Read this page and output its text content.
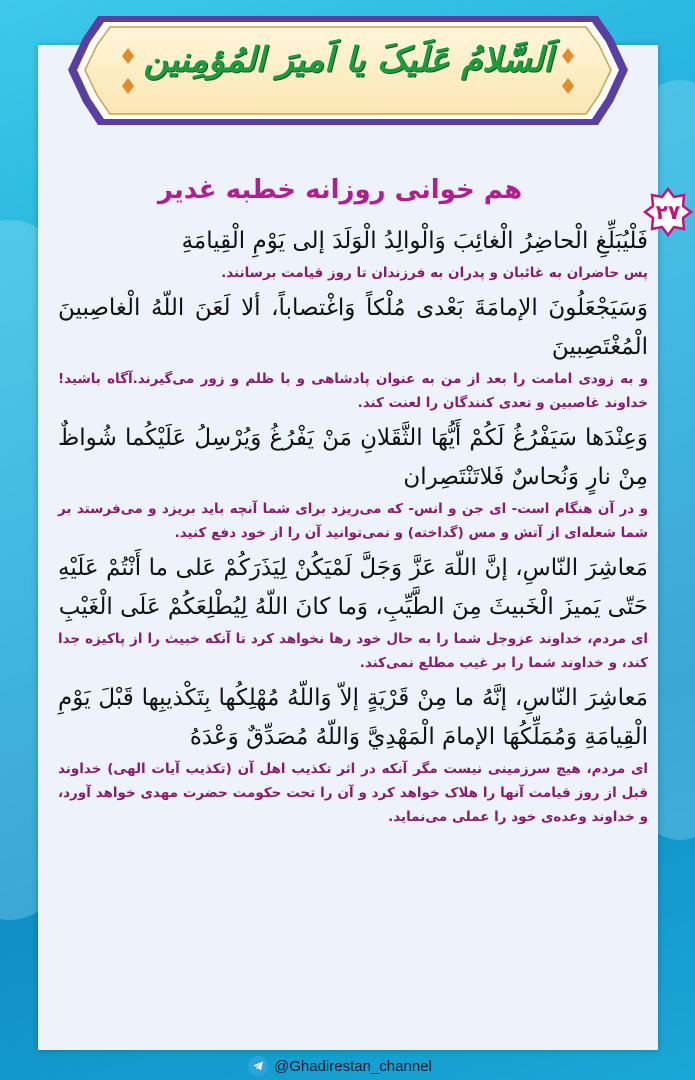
۲۷
اَلسَّلامُ عَلَیکَ یا اَمیرَ المُؤمِنین
هم خوانی روزانه خطبه غدیر

فَلْيُبَلِّغِ الْحاضِرُ الْغائِبَ وَالْوالِدُ الْوَلَدَ إلى يَوْمِ الْقِيامَةِ

پس حاضران به غائبان و پدران به فرزندان تا روز قیامت برسانند.

وَسَيَجْعَلُونَ الإمامَةَ بَعْدى مُلْكاً وَاغْتصاباً، ألا لَعَنَ اللّهُ الْغاصِبينَ الْمُغْتَصِبينَ

و به زودی امامت را بعد از من به عنوان پادشاهی و با ظلم و زور می‌گیرند.آگاه باشید! خداوند غاصبین و تعدی کنندگان را لعنت کند.

وَعِنْدَها سَيَفْرُغُ لَكُمْ أَيُّهَا الثَّقَلانِ مَنْ يَفْرُغُ وَيُرْسِلُ عَلَيْكُما شُواظٌ مِنْ نارٍ وَنُحاسٌ فَلاتَنْتَصِران

و در آن هنگام است- ای جن و انس- که می‌ریزد برای شما آنچه باید بریزد و می‌فرستد بر شما شعله‌ای از آتش و مس (گداخته) و نمی‌توانید آن را از خود دفع کنید.

مَعاشِرَ النّاسِ، إنَّ اللّهَ عَزَّ وَجَلَّ لَمْيَكُنْ لِيَذَرَكُمْ عَلى ما أَنْتُمْ عَلَيْهِ حَتّى يَميزَ الْخَبيثَ مِنَ الطَّيِّبِ، وَما كانَ اللّهُ لِيُطْلِعَكُمْ عَلَى الْغَيْبِ

ای مردم، خداوند عزوجل شما را به حال خود رها نخواهد کرد تا آنکه خبیث را از پاکیزه جدا کند، و خداوند شما را بر غیب مطلع نمی‌کند.

مَعاشِرَ النّاسِ، إنَّهُ ما مِنْ قَرْيَةٍ إلاّ وَاللّهُ مُهْلِكُها بِتَكْذيبِها قَبْلَ يَوْمِ الْقِيامَةِ وَمُمَلِّكُهَا الإمامَ الْمَهْدِيَّ وَاللّهُ مُصَدِّقٌ وَعْدَهُ

ای مردم، هیچ سرزمینی نیست مگر آنکه در اثر تکذیب اهل آن (تکذیب آیات الهی) خداوند قبل از روز قیامت آنها را هلاک خواهد کرد و آن را تحت حکومت حضرت مهدی خواهد آورد، و خداوند وعده‌ی خود را عملی می‌نماید.

@Ghadirestan_channel
